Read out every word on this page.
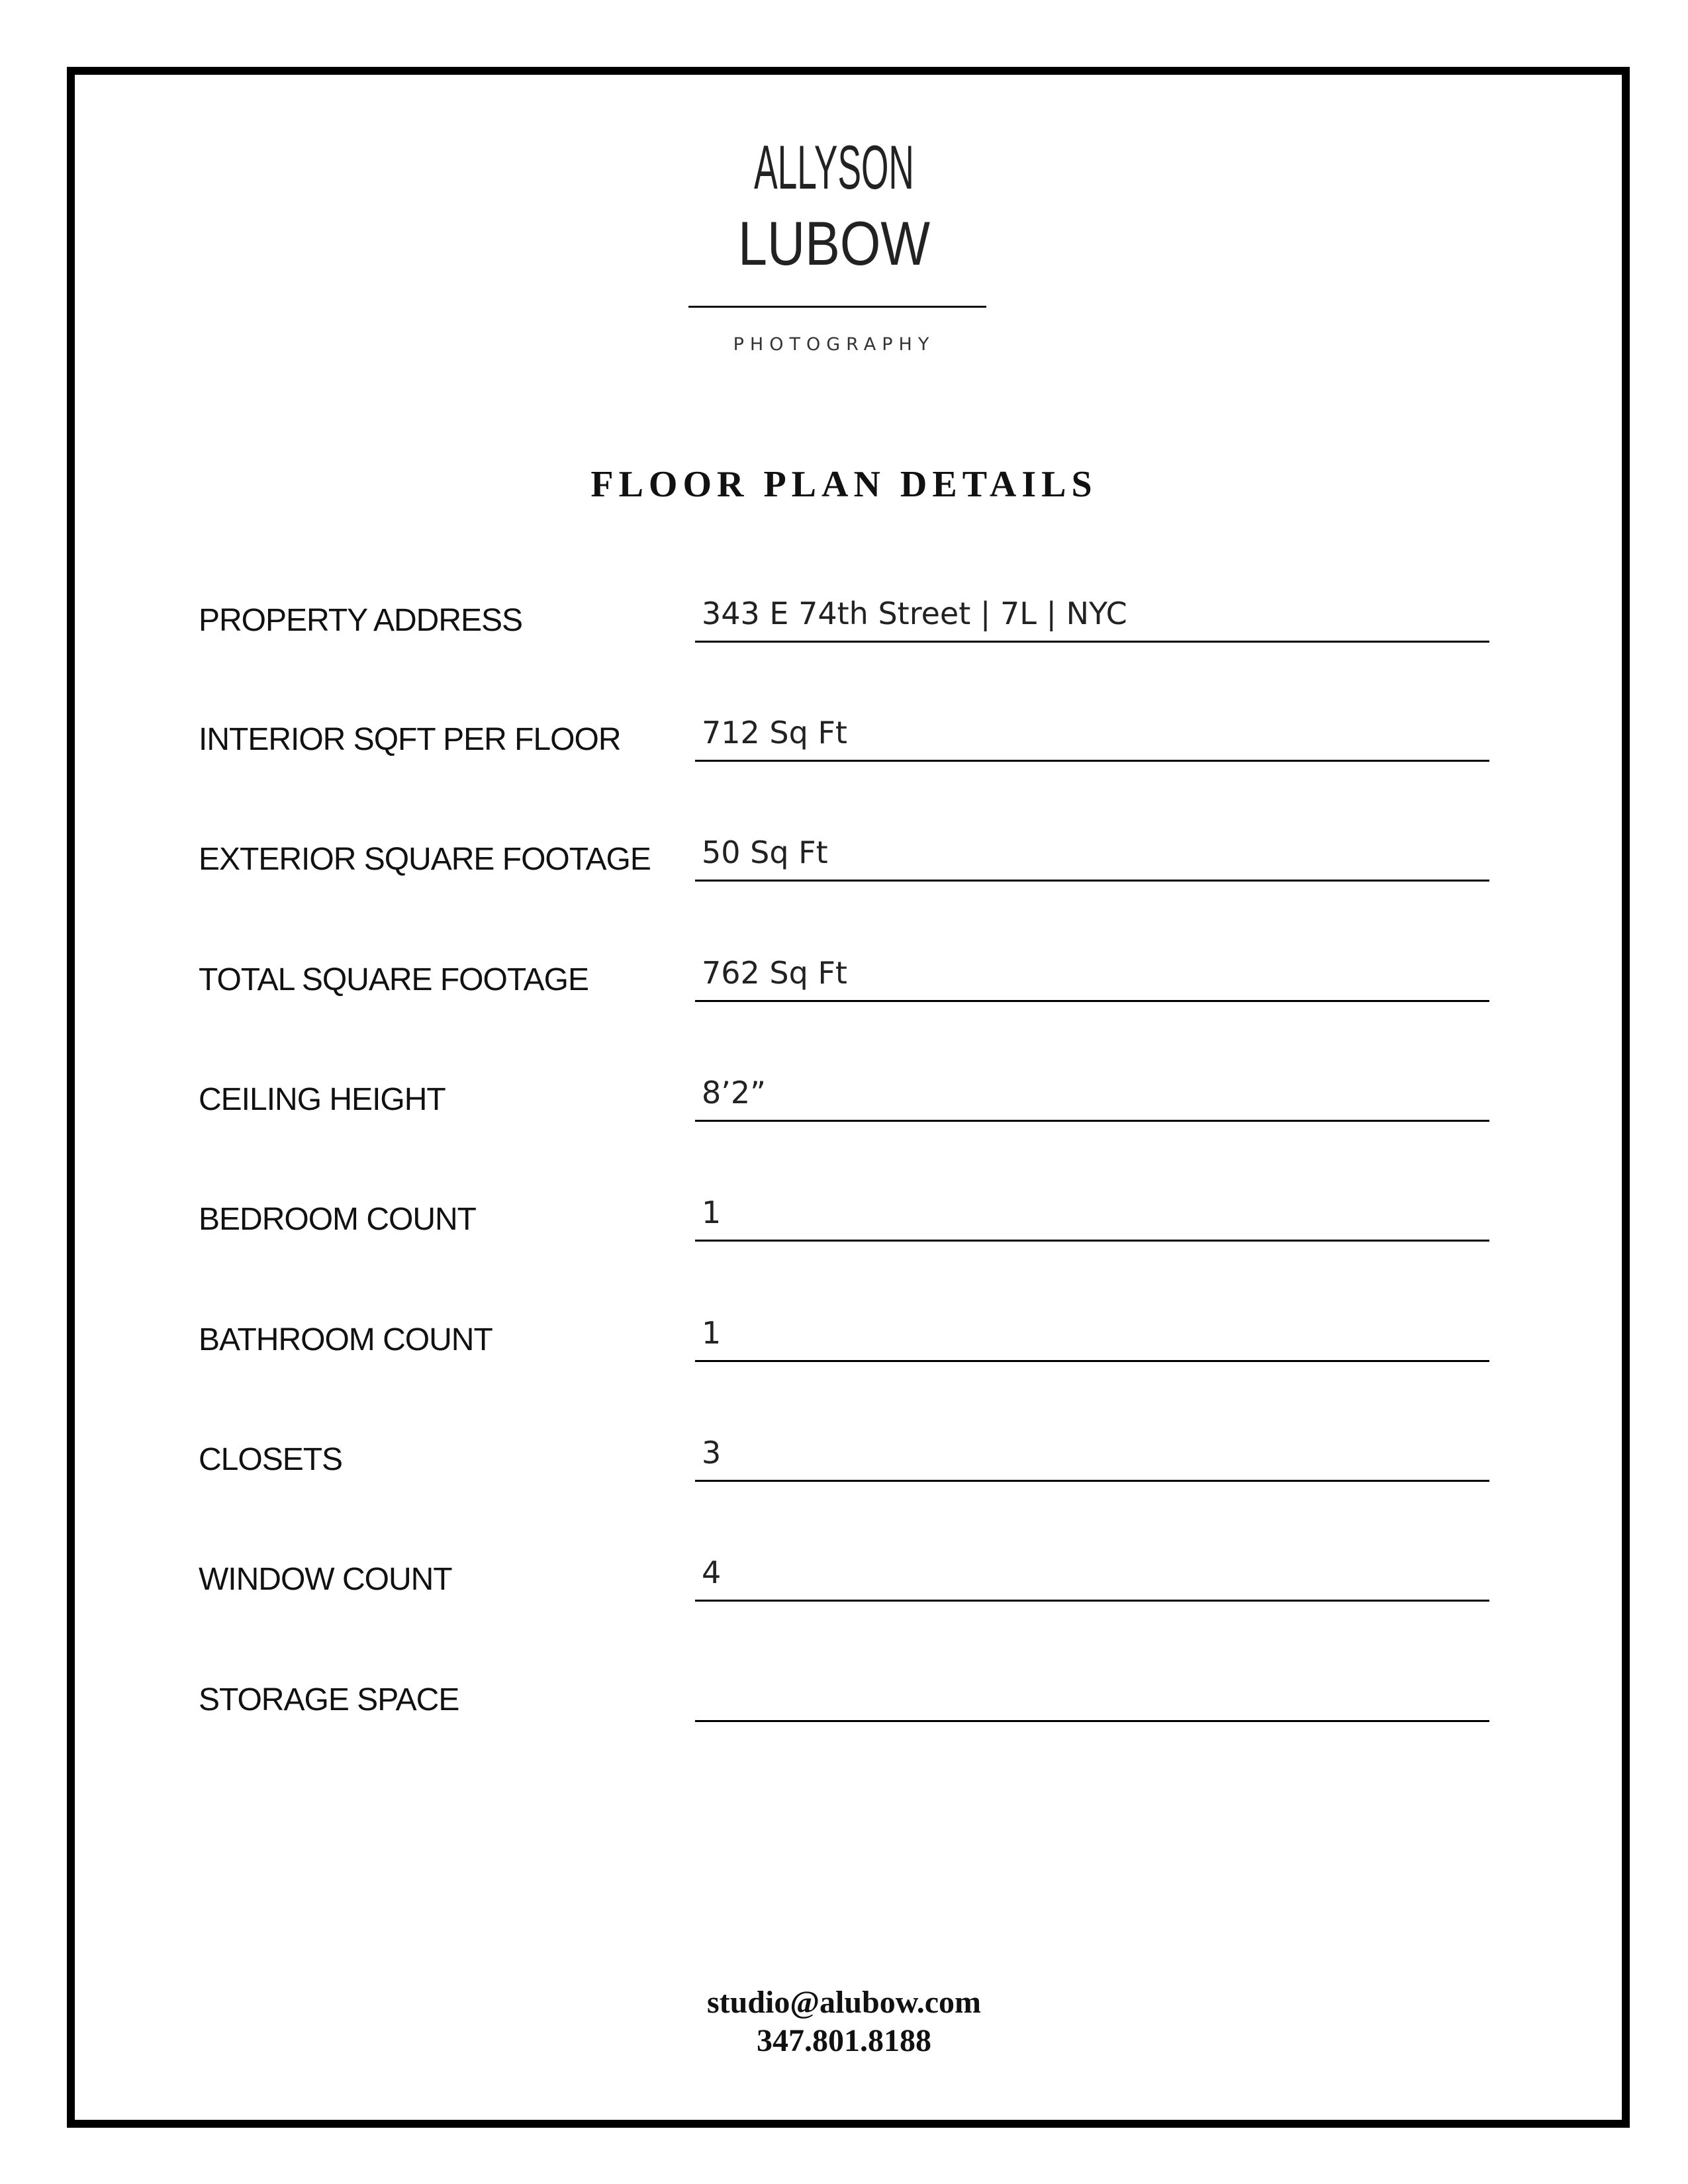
ALLYSON
LUBOW
PHOTOGRAPHY
FLOOR PLAN DETAILS
PROPERTY ADDRESS	343 E 74th Street | 7L | NYC
INTERIOR SQFT PER FLOOR	712 Sq Ft
EXTERIOR SQUARE FOOTAGE 50 Sq Ft
TOTAL SQUARE FOOTAGE	762 Sq Ft
CEILING HEIGHT	8’2”
BEDROOM COUNT	1
BATHROOM COUNT	1
CLOSETS	3
WINDOW COUNT	4
STORAGE SPACE
studio@alubow.com
347.801.8188
